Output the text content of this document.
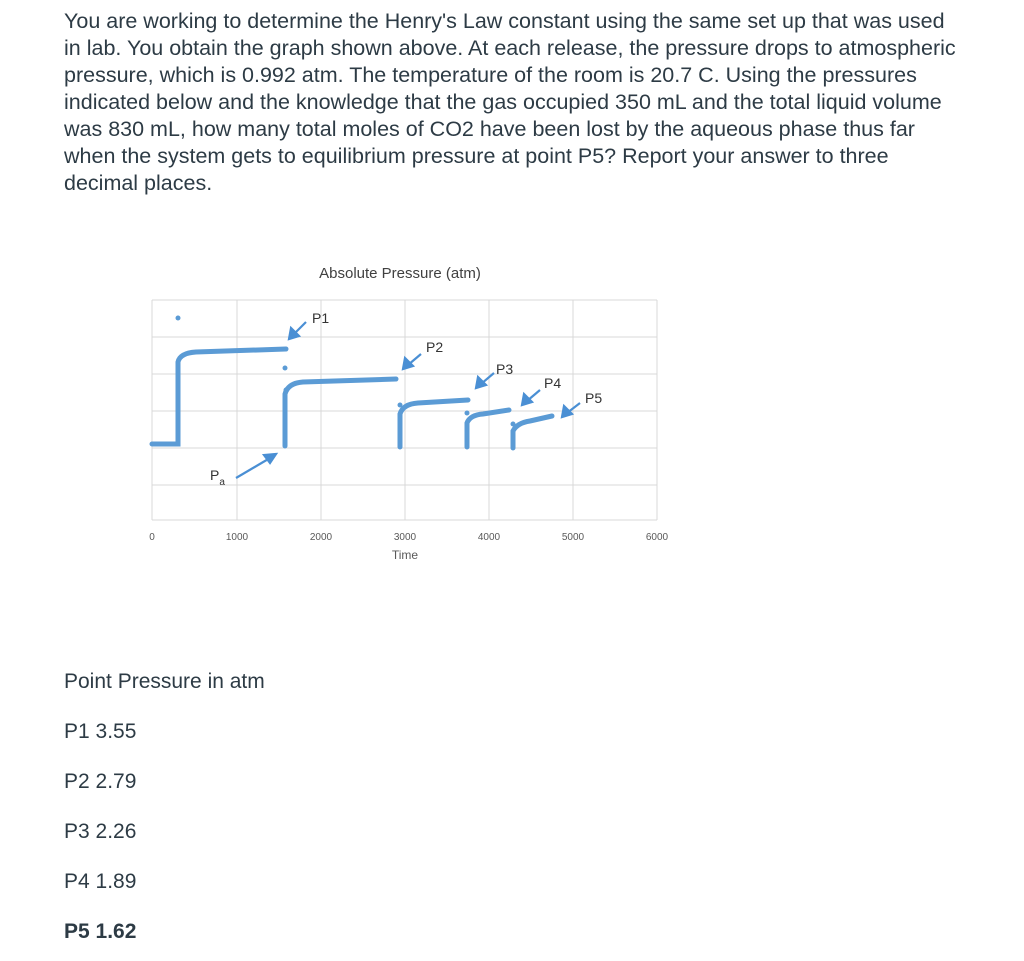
You are working to determine the Henry's Law constant using the same set up that was used in lab. You obtain the graph shown above. At each release, the pressure drops to atmospheric pressure, which is 0.992 atm. The temperature of the room is 20.7 C. Using the pressures indicated below and the knowledge that the gas occupied 350 mL and the total liquid volume was 830 mL, how many total moles of CO2 have been lost by the aqueous phase thus far when the system gets to equilibrium pressure at point P5? Report your answer to three decimal places.

Absolute Pressure (atm)
0	1000	2000	3000	4000	5000	6000
Time
$P_a$
P1
P2
P3
P4
P5
Point Pressure in atm

P1 3.55

P2 2.79

P3 2.26

P4 1.89

P5 1.62
